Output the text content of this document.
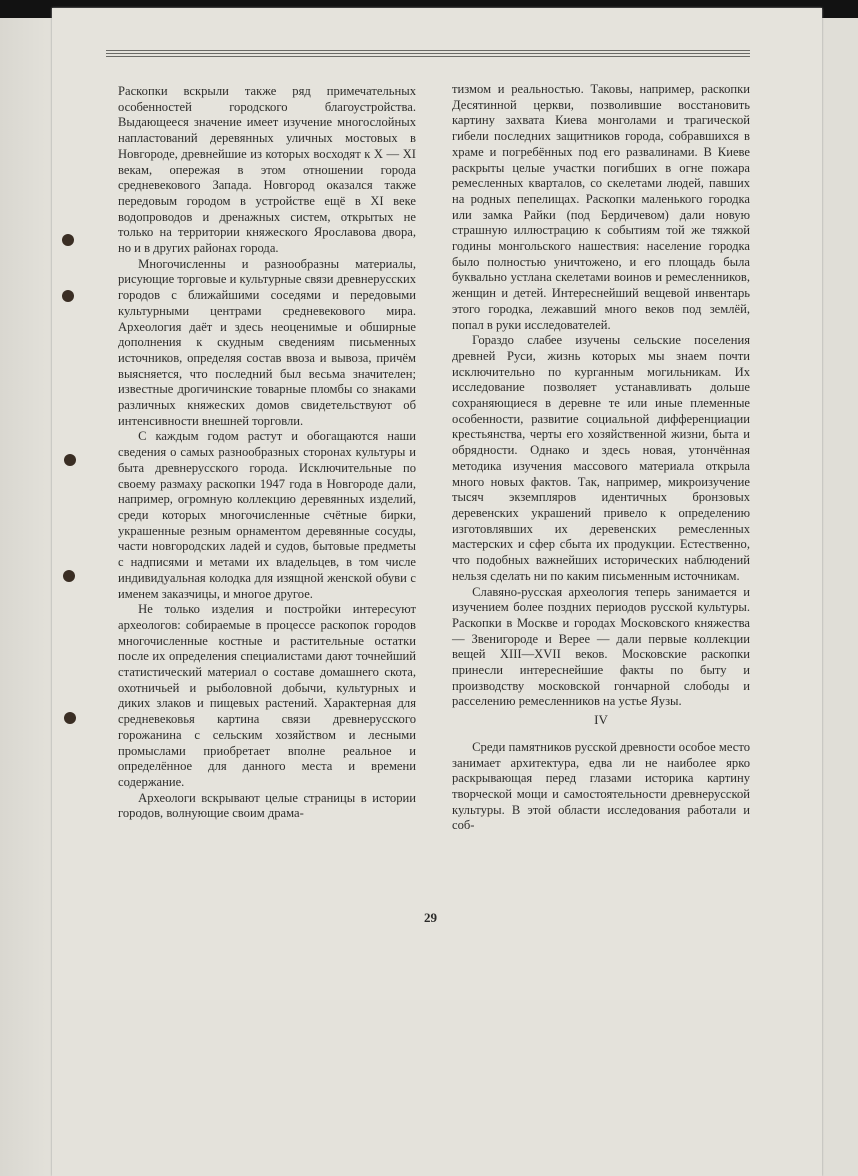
Раскопки вскрыли также ряд примечательных особенностей городского благоустройства. Выдающееся значение имеет изучение многослойных напластований деревянных уличных мостовых в Новгороде, древнейшие из которых восходят к X — XI векам, опережая в этом отношении города средневекового Запада. Новгород оказался также передовым городом в устройстве ещё в XI веке водопроводов и дренажных систем, открытых не только на территории княжеского Ярославова двора, но и в других районах города.

Многочисленны и разнообразны материалы, рисующие торговые и культурные связи древнерусских городов с ближайшими соседями и передовыми культурными центрами средневекового мира. Археология даёт и здесь неоценимые и обширные дополнения к скудным сведениям письменных источников, определяя состав ввоза и вывоза, причём выясняется, что последний был весьма значителен; известные дрогичинские товарные пломбы со знаками различных княжеских домов свидетельствуют об интенсивности внешней торговли.

С каждым годом растут и обогащаются наши сведения о самых разнообразных сторонах культуры и быта древнерусского города. Исключительные по своему размаху раскопки 1947 года в Новгороде дали, например, огромную коллекцию деревянных изделий, среди которых многочисленные счётные бирки, украшенные резным орнаментом деревянные сосуды, части новгородских ладей и судов, бытовые предметы с надписями и метами их владельцев, в том числе индивидуальная колодка для изящной женской обуви с именем заказчицы, и многое другое.

Не только изделия и постройки интересуют археологов: собираемые в процессе раскопок городов многочисленные костные и растительные остатки после их определения специалистами дают точнейший статистический материал о составе домашнего скота, охотничьей и рыболовной добычи, культурных и диких злаков и пищевых растений. Характерная для средневековья картина связи древнерусского горожанина с сельским хозяйством и лесными промыслами приобретает вполне реальное и определённое для данного места и времени содержание.

Археологи вскрывают целые страницы в истории городов, волнующие своим драма-

тизмом и реальностью. Таковы, например, раскопки Десятинной церкви, позволившие восстановить картину захвата Киева монголами и трагической гибели последних защитников города, собравшихся в храме и погребённых под его развалинами. В Киеве раскрыты целые участки погибших в огне пожара ремесленных кварталов, со скелетами людей, павших на родных пепелищах. Раскопки маленького городка или замка Райки (под Бердичевом) дали новую страшную иллюстрацию к событиям той же тяжкой годины монгольского нашествия: население городка было полностью уничтожено, и его площадь была буквально устлана скелетами воинов и ремесленников, женщин и детей. Интереснейший вещевой инвентарь этого городка, лежавший много веков под землёй, попал в руки исследователей.

Гораздо слабее изучены сельские поселения древней Руси, жизнь которых мы знаем почти исключительно по курганным могильникам. Их исследование позволяет устанавливать дольше сохраняющиеся в деревне те или иные племенные особенности, развитие социальной дифференциации крестьянства, черты его хозяйственной жизни, быта и обрядности. Однако и здесь новая, утончённая методика изучения массового материала открыла много новых фактов. Так, например, микроизучение тысяч экземпляров идентичных бронзовых деревенских украшений привело к определению изготовлявших их деревенских ремесленных мастерских и сфер сбыта их продукции. Естественно, что подобных важнейших исторических наблюдений нельзя сделать ни по каким письменным источникам.

Славяно-русская археология теперь занимается и изучением более поздних периодов русской культуры. Раскопки в Москве и городах Московского княжества — Звенигороде и Верее — дали первые коллекции вещей XIII—XVII веков. Московские раскопки принесли интереснейшие факты по быту и производству московской гончарной слободы и расселению ремесленников на устье Яузы.

IV

Среди памятников русской древности особое место занимает архитектура, едва ли не наиболее ярко раскрывающая перед глазами историка картину творческой мощи и самостоятельности древнерусской культуры. В этой области исследования работали и соб-

29
